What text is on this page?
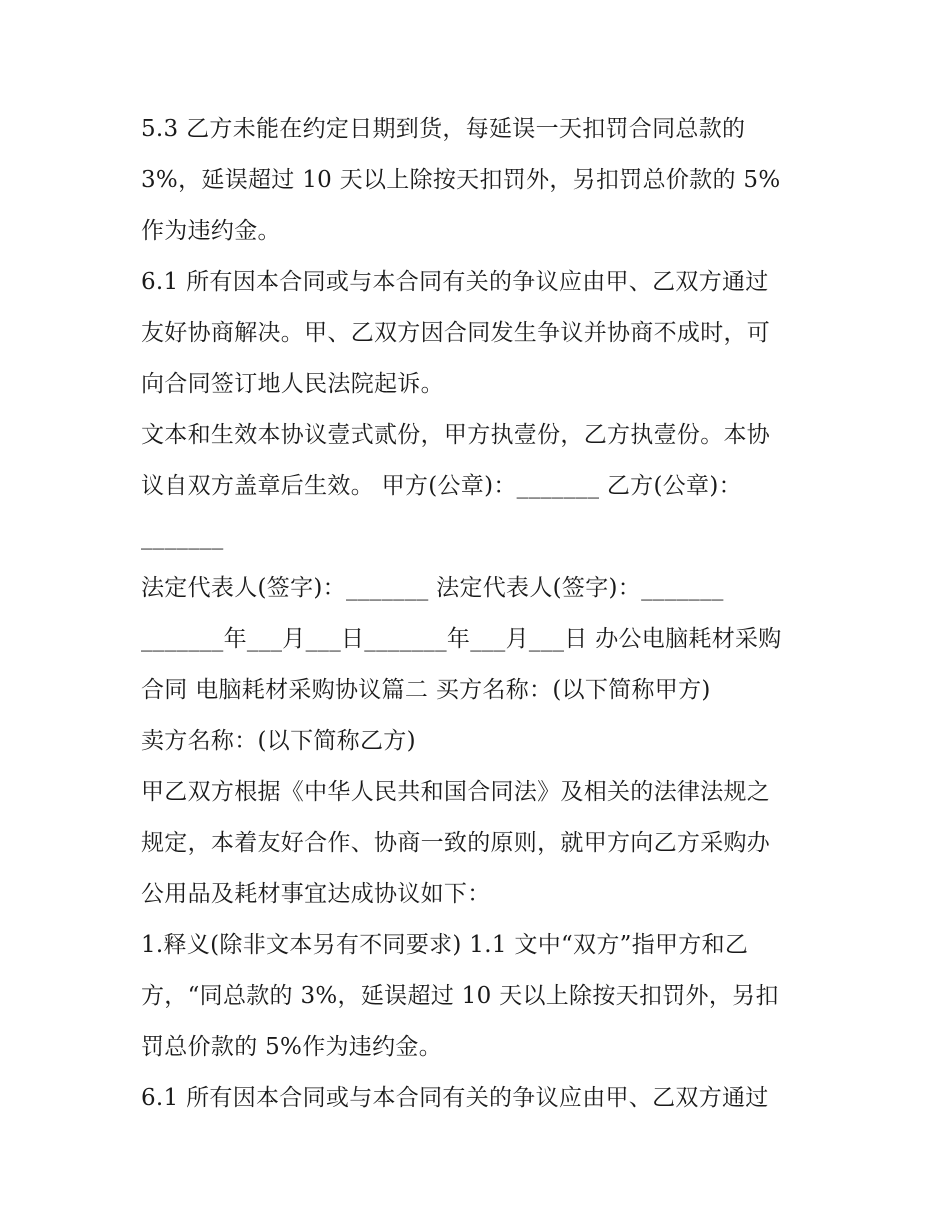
5.3 乙方未能在约定日期到货，每延误一天扣罚合同总款的
3%，延误超过 10 天以上除按天扣罚外，另扣罚总价款的 5%
作为违约金。
6.1 所有因本合同或与本合同有关的争议应由甲、乙双方通过
友好协商解决。甲、乙双方因合同发生争议并协商不成时，可
向合同签订地人民法院起诉。
文本和生效本协议壹式贰份，甲方执壹份，乙方执壹份。本协
议自双方盖章后生效。 甲方(公章)：_______ 乙方(公章)：
_______
法定代表人(签字)：_______ 法定代表人(签字)：_______
_______年___月___日_______年___月___日 办公电脑耗材采购
合同 电脑耗材采购协议篇二 买方名称：(以下简称甲方)
卖方名称：(以下简称乙方)
甲乙双方根据《中华人民共和国合同法》及相关的法律法规之
规定，本着友好合作、协商一致的原则，就甲方向乙方采购办
公用品及耗材事宜达成协议如下：
1.释义(除非文本另有不同要求) 1.1 文中“双方”指甲方和乙
方，“同总款的 3%，延误超过 10 天以上除按天扣罚外，另扣
罚总价款的 5%作为违约金。
6.1 所有因本合同或与本合同有关的争议应由甲、乙双方通过
